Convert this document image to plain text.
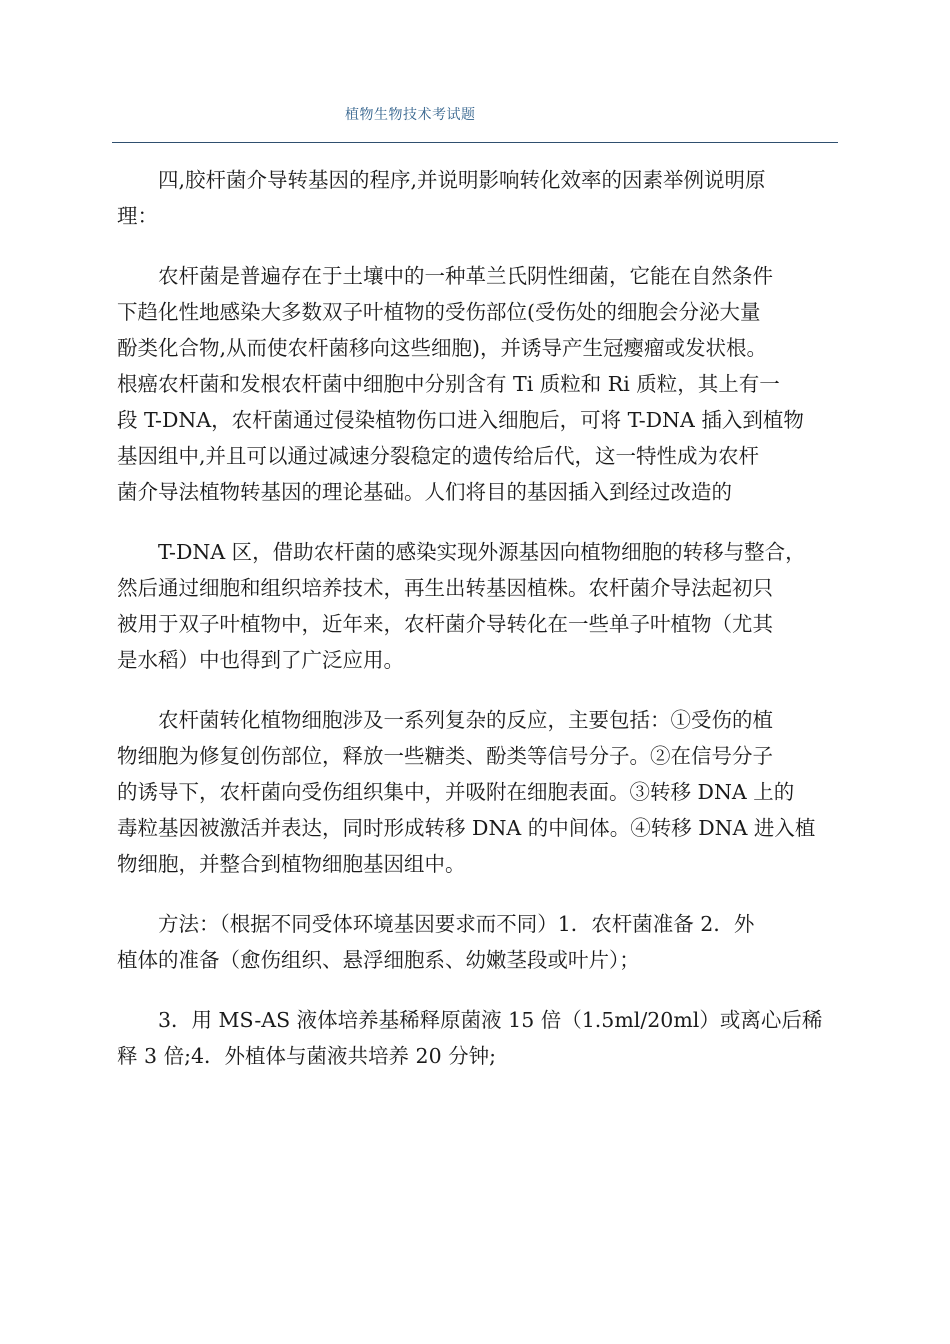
植物生物技术考试题

　　四,胶杆菌介导转基因的程序,并说明影响转化效率的因素举例说明原
理：

　　农杆菌是普遍存在于土壤中的一种革兰氏阴性细菌，它能在自然条件
下趋化性地感染大多数双子叶植物的受伤部位(受伤处的细胞会分泌大量
酚类化合物,从而使农杆菌移向这些细胞)，并诱导产生冠瘿瘤或发状根。
根癌农杆菌和发根农杆菌中细胞中分别含有 Ti 质粒和 Ri 质粒，其上有一
段 T-DNA，农杆菌通过侵染植物伤口进入细胞后，可将 T-DNA 插入到植物
基因组中,并且可以通过减速分裂稳定的遗传给后代，这一特性成为农杆
菌介导法植物转基因的理论基础。人们将目的基因插入到经过改造的

　　T-DNA 区，借助农杆菌的感染实现外源基因向植物细胞的转移与整合，
然后通过细胞和组织培养技术，再生出转基因植株。农杆菌介导法起初只
被用于双子叶植物中，近年来，农杆菌介导转化在一些单子叶植物（尤其
是水稻）中也得到了广泛应用。

　　农杆菌转化植物细胞涉及一系列复杂的反应，主要包括：①受伤的植
物细胞为修复创伤部位，释放一些糖类、酚类等信号分子。②在信号分子
的诱导下，农杆菌向受伤组织集中，并吸附在细胞表面。③转移 DNA 上的
毒粒基因被激活并表达，同时形成转移 DNA 的中间体。④转移 DNA 进入植
物细胞，并整合到植物细胞基因组中。

　　方法：（根据不同受体环境基因要求而不同）1．农杆菌准备 2．外
植体的准备（愈伤组织、悬浮细胞系、幼嫩茎段或叶片）；

　　3．用 MS-AS 液体培养基稀释原菌液 15 倍（1.5ml/20ml）或离心后稀
释 3 倍;4．外植体与菌液共培养 20 分钟;
